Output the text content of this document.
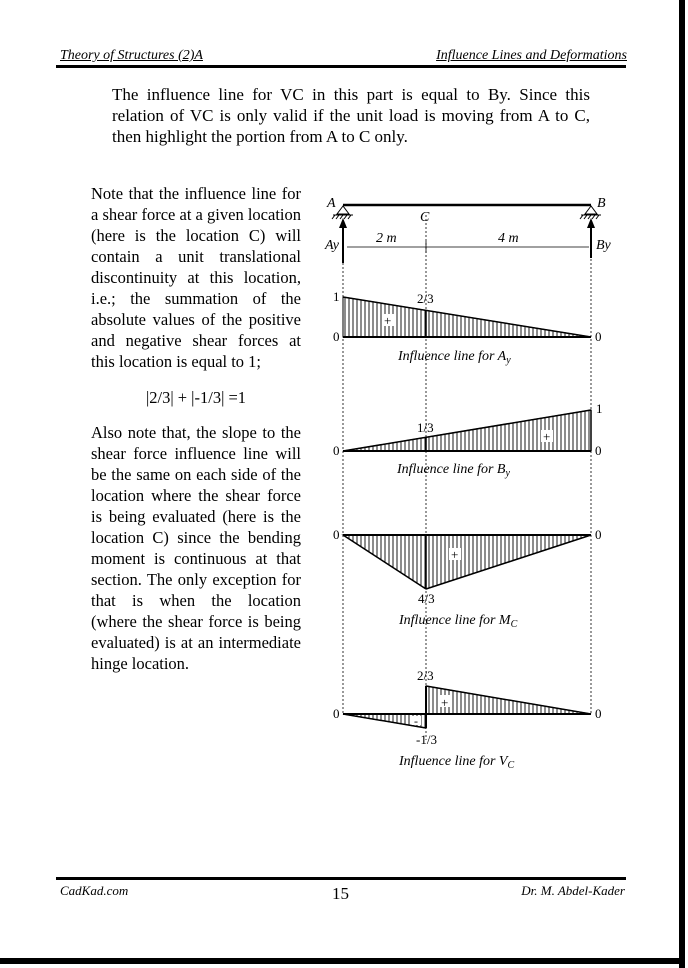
Theory of Structures (2)A	Influence Lines and Deformations
The influence line for VC in this part is equal to By. Since this relation of VC is only valid if the unit load is moving from A to C, then highlight the portion from A to C only.

Note that the influence line for a shear force at a given location (here is the location C) will contain a unit translational discontinuity at this location, i.e.; the summation of the absolute values of the positive and negative shear forces at this location is equal to 1;

|2/3| + |-1/3| =1

Also note that, the slope to the shear force influence line will be the same on each side of the location where the shear force is being evaluated (here is the location C) since the bending moment is continuous at that section. The only exception for that is when the location (where the shear force is being evaluated) is at an intermediate hinge location.

A	B
C
Ay	By
2 m	4 m
+
1	2/3
0	0
Influence line for $A_y$
+
1
1/3
0	0
Influence line for $B_y$
+
4/3
0	0
Influence line for $M_C$
+
-
2/3
-1/3
0	0
Influence line for $V_C$
CadKad.com	15	Dr. M. Abdel-Kader
